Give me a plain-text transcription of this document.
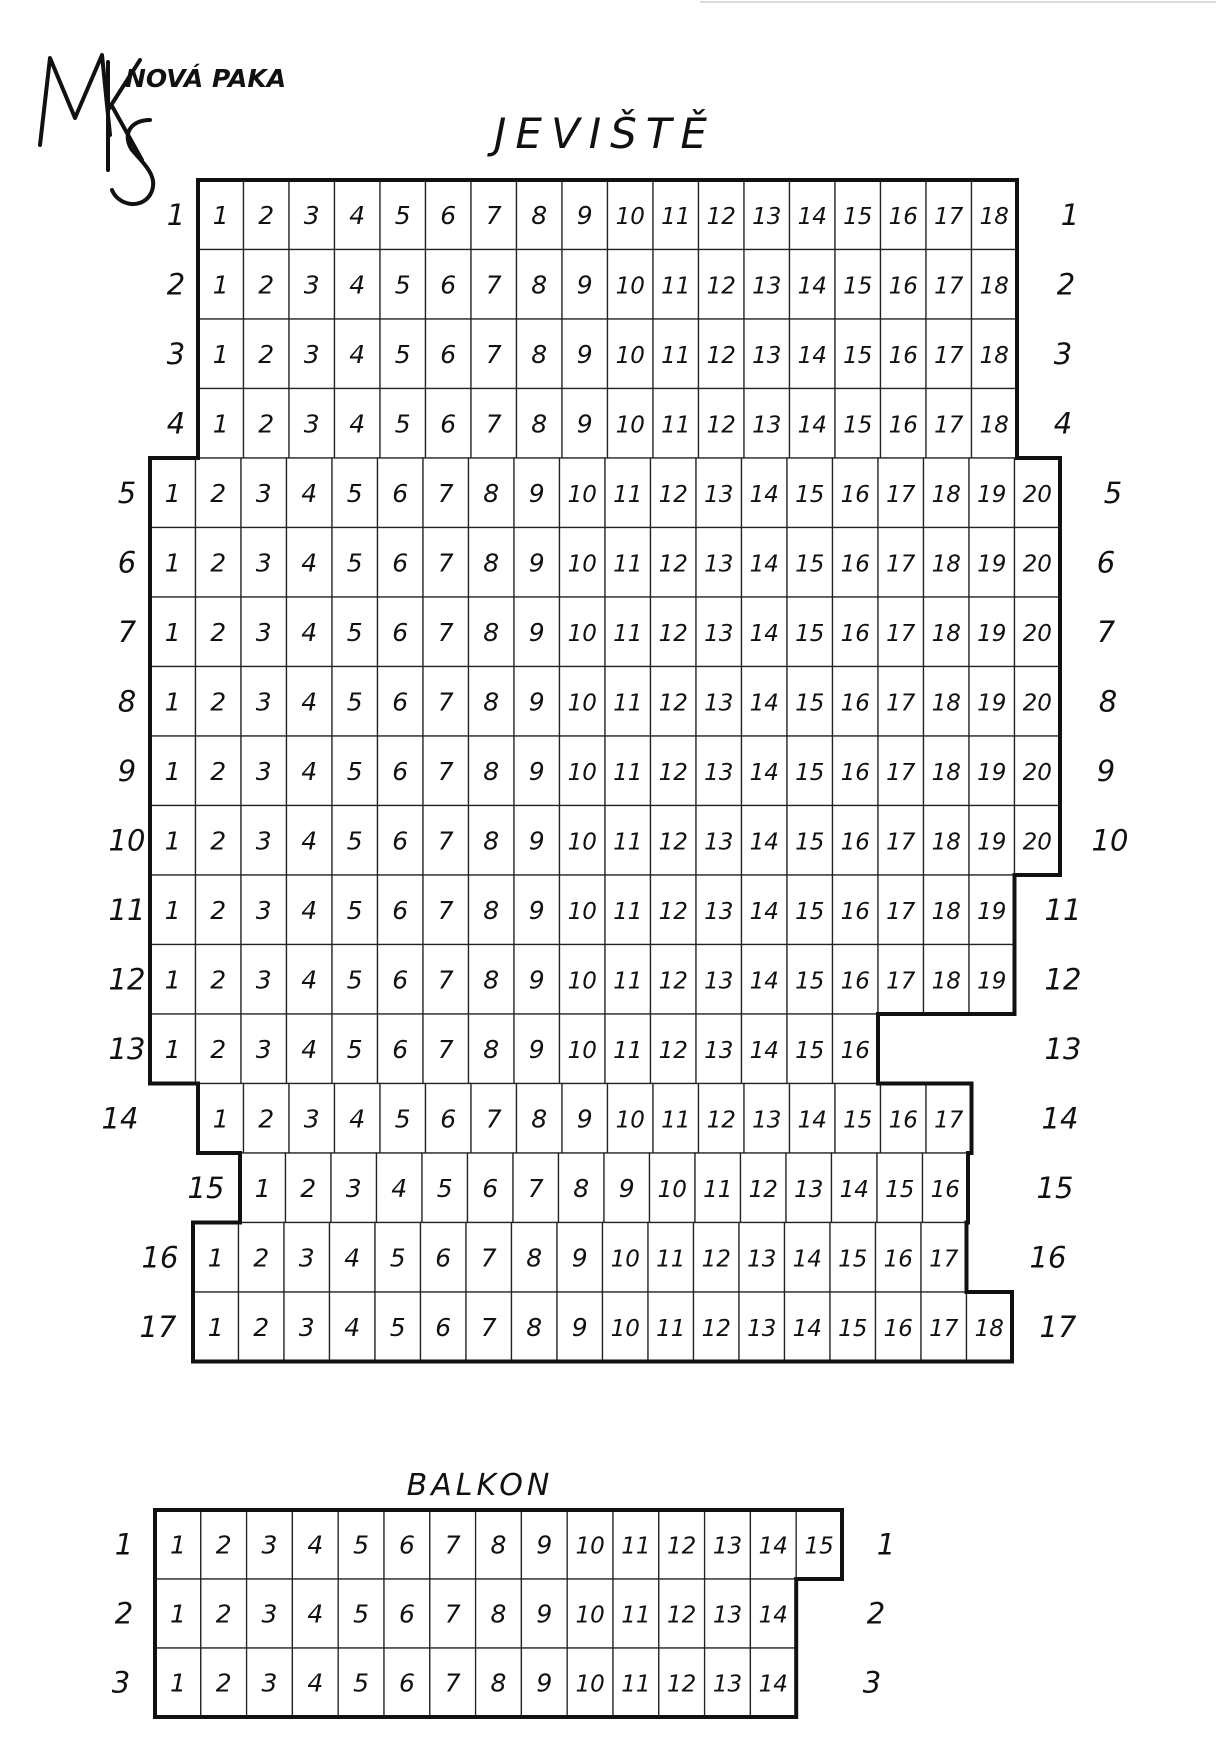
NOVÁ PAKA
JEVIŠTĚ
1 1 2 3 4 5 6 7 8 9 10 11 12 13 14 15 16 17 18 1
2 1 2 3 4 5 6 7 8 9 10 11 12 13 14 15 16 17 18 2
3 1 2 3 4 5 6 7 8 9 10 11 12 13 14 15 16 17 18 3
4 1 2 3 4 5 6 7 8 9 10 11 12 13 14 15 16 17 18 4
5 1 2 3 4 5 6 7 8 9 10 11 12 13 14 15 16 17 18 19 20 5
6 1 2 3 4 5 6 7 8 9 10 11 12 13 14 15 16 17 18 19 20 6
7 1 2 3 4 5 6 7 8 9 10 11 12 13 14 15 16 17 18 19 20 7
8 1 2 3 4 5 6 7 8 9 10 11 12 13 14 15 16 17 18 19 20 8
9 1 2 3 4 5 6 7 8 9 10 11 12 13 14 15 16 17 18 19 20 9
10 1 2 3 4 5 6 7 8 9 10 11 12 13 14 15 16 17 18 19 20 10
11 1 2 3 4 5 6 7 8 9 10 11 12 13 14 15 16 17 18 19 11
12 1 2 3 4 5 6 7 8 9 10 11 12 13 14 15 16 17 18 19 12
13 1 2 3 4 5 6 7 8 9 10 11 12 13 14 15 16	13
14	1 2 3 4 5 6 7 8 9 10 11 12 13 14 15 16 17	14
15 1 2 3 4 5 6 7 8 9 10 11 12 13 14 15 16	15
16 1 2 3 4 5 6 7 8 9 10 11 12 13 14 15 16 17 16
17 1 2 3 4 5 6 7 8 9 10 11 12 13 14 15 16 17 18 17
BALKON
1 1 2 3 4 5 6 7 8 9 10 11 12 13 14 15 1
2 1 2 3 4 5 6 7 8 9 10 11 12 13 14	2
3 1 2 3 4 5 6 7 8 9 10 11 12 13 14	3
